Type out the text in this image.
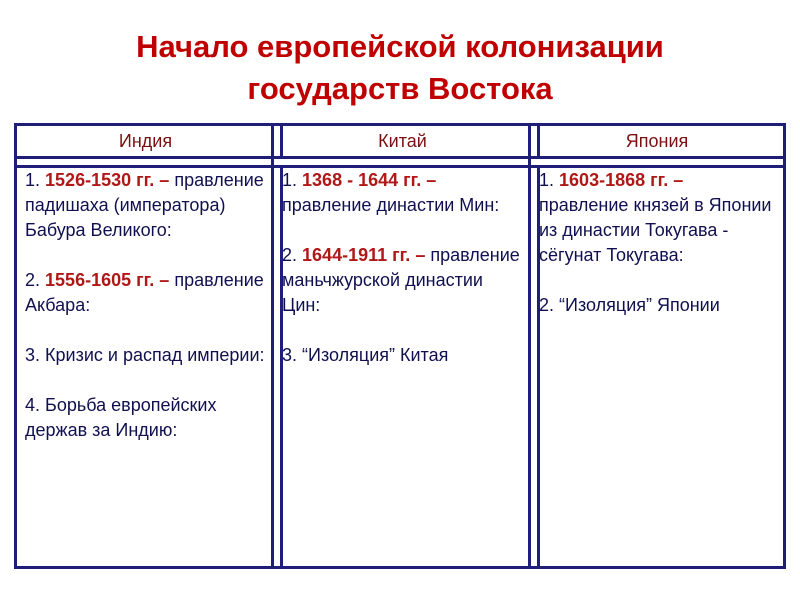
Начало европейской колонизации
государств Востока
Индия

1. 1526-1530 гг. – правление падишаха (императора) Бабура Великого:

2. 1556-1605 гг. – правление Акбара:

3. Кризис и распад империи:

4. Борьба европейских держав за Индию:

Китай

1. 1368 - 1644 гг. – правление династии Мин:

2. 1644-1911 гг. – правление маньчжурской династии Цин:

3. “Изоляция” Китая

Япония

1. 1603-1868 гг. – правление князей в Японии из династии Токугава - сёгунат Токугава:

2. “Изоляция” Японии
